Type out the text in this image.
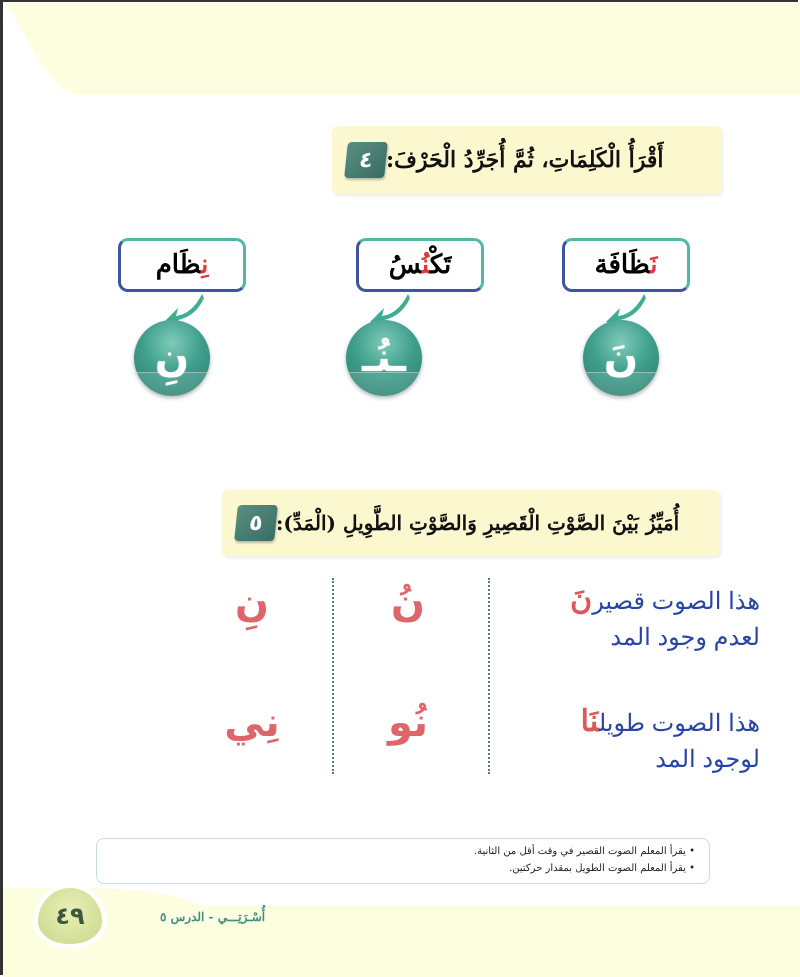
٤ أَقْرَأُ الْكَلِمَاتِ، ثُمَّ أُجَرِّدُ الْحَرْفَ:
نَظَافَة
تَكْنُسُ
نِظَام
نَ
ـنُـ
نِ
٥ أُمَيِّزُ بَيْنَ الصَّوْتِ الْقَصِيرِ وَالصَّوْتِ الطَّوِيلِ (الْمَدِّ):
هذا الصوت قصيرنَ
لعدم وجود المد
نُ
نِ
هذا الصوت طويلنَا
لوجود المد
نُو
نِي
• يقرأ المعلم الصوت القصير في وقت أقل من الثانية.
• يقرأ المعلم الصوت الطويل بمقدار حركتين.
٤٩	أُسْـرَتِـــي - الدرس ٥
